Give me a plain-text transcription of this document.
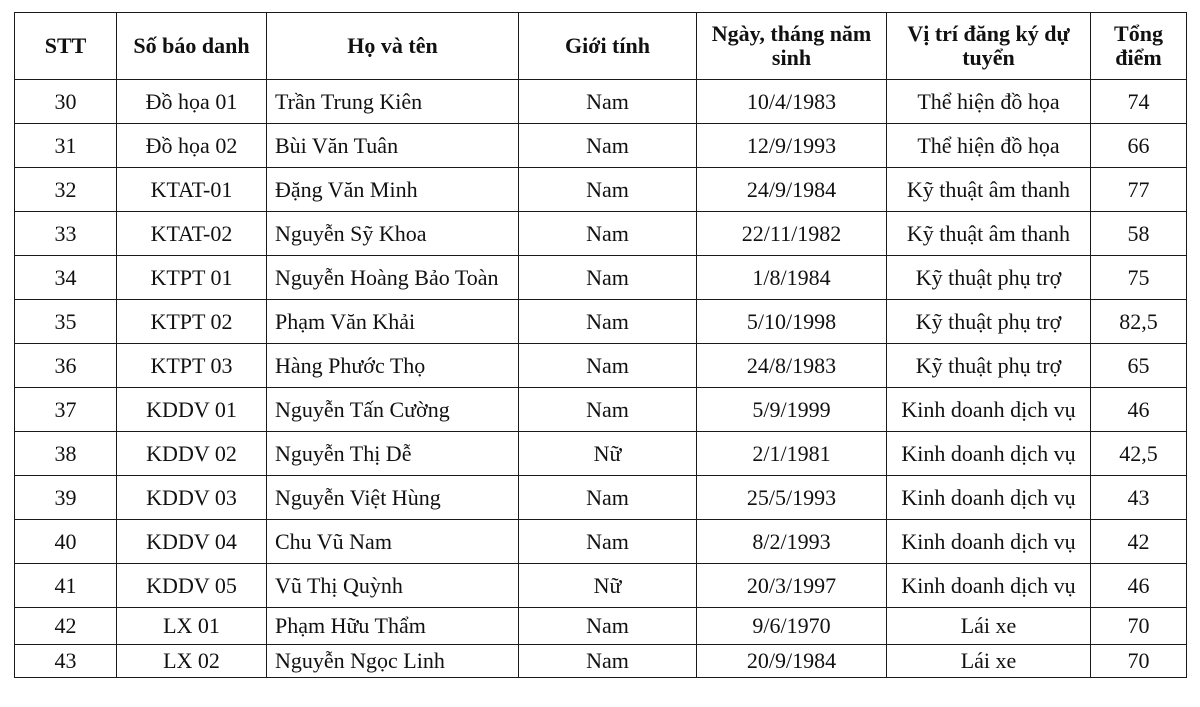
STT	Số báo danh	Họ và tên	Giới tính	Ngày, tháng năm sinh	Vị trí đăng ký dự tuyển	Tổng điểm
30	Đồ họa 01	Trần Trung Kiên	Nam	10/4/1983	Thể hiện đồ họa	74
31	Đồ họa 02	Bùi Văn Tuân	Nam	12/9/1993	Thể hiện đồ họa	66
32	KTAT-01	Đặng Văn Minh	Nam	24/9/1984	Kỹ thuật âm thanh	77
33	KTAT-02	Nguyễn Sỹ Khoa	Nam	22/11/1982	Kỹ thuật âm thanh	58
34	KTPT 01	Nguyễn Hoàng Bảo Toàn	Nam	1/8/1984	Kỹ thuật phụ trợ	75
35	KTPT 02	Phạm Văn Khải	Nam	5/10/1998	Kỹ thuật phụ trợ	82,5
36	KTPT 03	Hàng Phước Thọ	Nam	24/8/1983	Kỹ thuật phụ trợ	65
37	KDDV 01	Nguyễn Tấn Cường	Nam	5/9/1999	Kinh doanh dịch vụ	46
38	KDDV 02	Nguyễn Thị Dễ	Nữ	2/1/1981	Kinh doanh dịch vụ	42,5
39	KDDV 03	Nguyễn Việt Hùng	Nam	25/5/1993	Kinh doanh dịch vụ	43
40	KDDV 04	Chu Vũ Nam	Nam	8/2/1993	Kinh doanh dịch vụ	42
41	KDDV 05	Vũ Thị Quỳnh	Nữ	20/3/1997	Kinh doanh dịch vụ	46
42	LX 01	Phạm Hữu Thẩm	Nam	9/6/1970	Lái xe	70
43	LX 02	Nguyễn Ngọc Linh	Nam	20/9/1984	Lái xe	70
